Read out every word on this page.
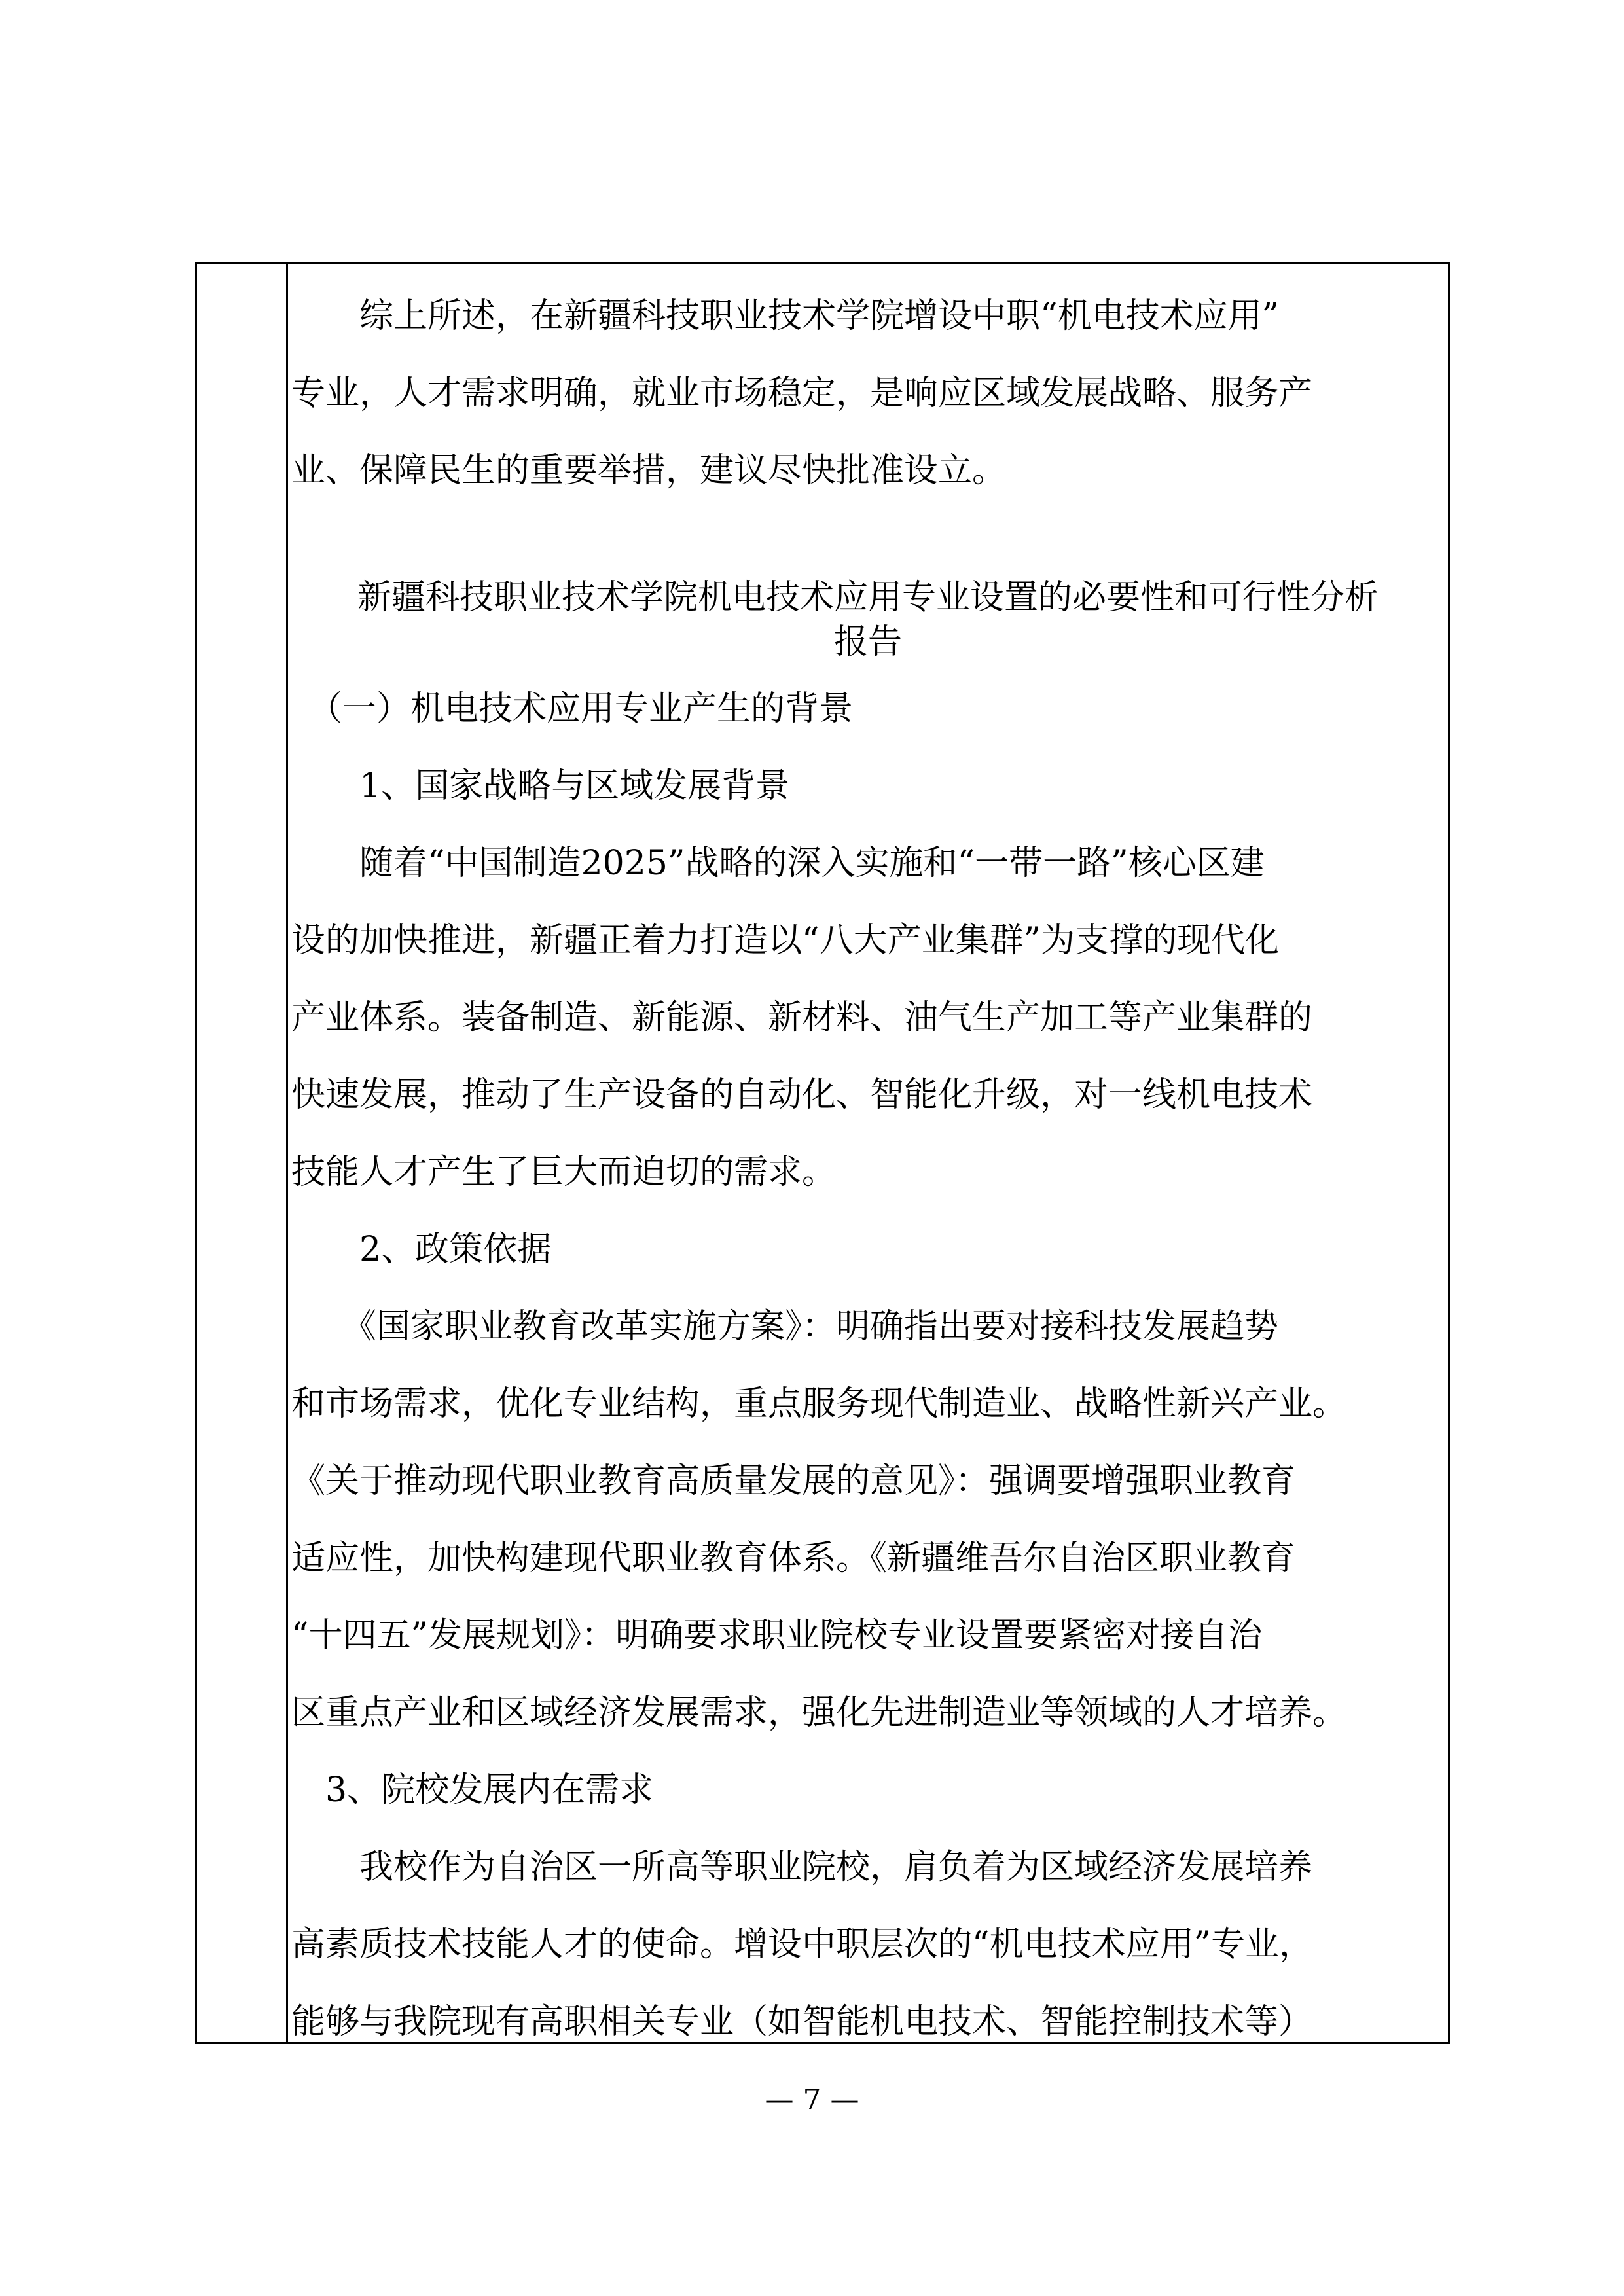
　　综上所述，在新疆科技职业技术学院增设中职“机电技术应用”
专业，人才需求明确，就业市场稳定，是响应区域发展战略、服务产
业、保障民生的重要举措，建议尽快批准设立。
新疆科技职业技术学院机电技术应用专业设置的必要性和可行性分析
报告
　（一）机电技术应用专业产生的背景
　　1、国家战略与区域发展背景
　　随着“中国制造2025”战略的深入实施和“一带一路”核心区建
设的加快推进，新疆正着力打造以“八大产业集群”为支撑的现代化
产业体系。装备制造、新能源、新材料、油气生产加工等产业集群的
快速发展，推动了生产设备的自动化、智能化升级，对一线机电技术
技能人才产生了巨大而迫切的需求。
　　2、政策依据
　　《国家职业教育改革实施方案》：明确指出要对接科技发展趋势
和市场需求，优化专业结构，重点服务现代制造业、战略性新兴产业。
《关于推动现代职业教育高质量发展的意见》：强调要增强职业教育
适应性，加快构建现代职业教育体系。《新疆维吾尔自治区职业教育
“十四五”发展规划》：明确要求职业院校专业设置要紧密对接自治
区重点产业和区域经济发展需求，强化先进制造业等领域的人才培养。
　3、院校发展内在需求
　　我校作为自治区一所高等职业院校，肩负着为区域经济发展培养
高素质技术技能人才的使命。增设中职层次的“机电技术应用”专业，
能够与我院现有高职相关专业（如智能机电技术、智能控制技术等）
— 7 —
